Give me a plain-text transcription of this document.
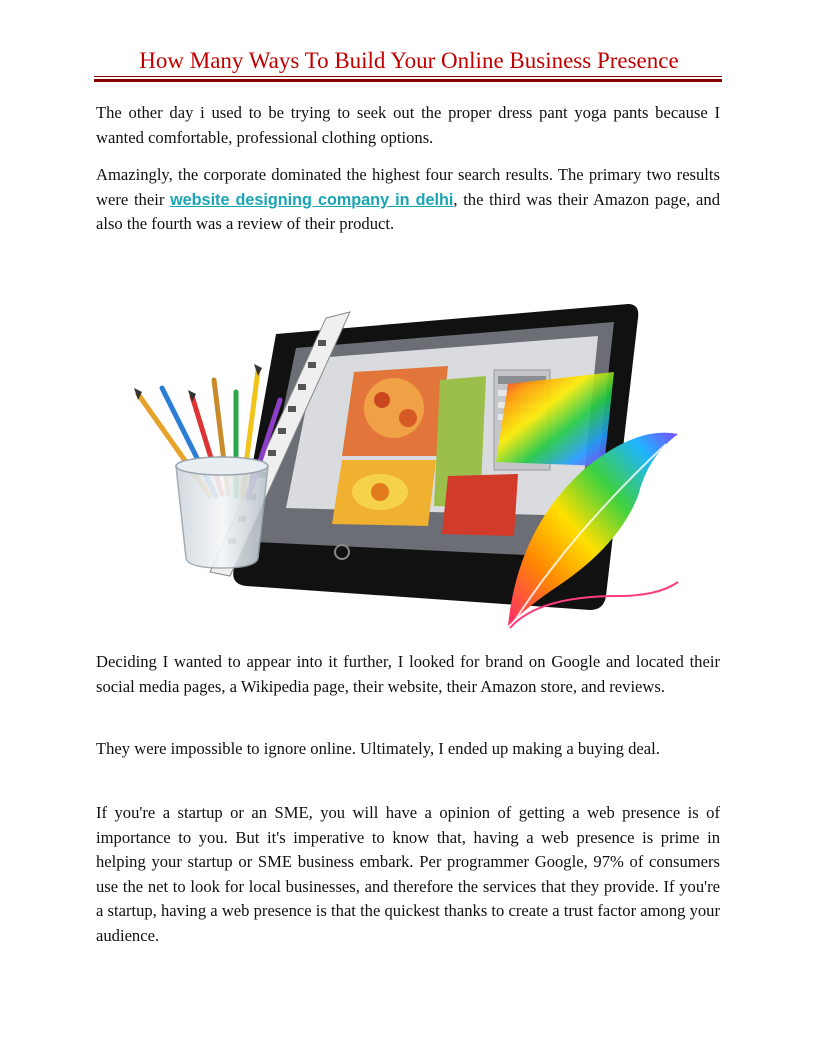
How Many Ways To Build Your Online Business Presence

The other day i used to be trying to seek out the proper dress pant yoga pants because I wanted comfortable, professional clothing options.

Amazingly, the corporate dominated the highest four search results. The primary two results were their website designing company in delhi, the third was their Amazon page, and also the fourth was a review of their product.

Deciding I wanted to appear into it further, I looked for brand on Google and located their social media pages, a Wikipedia page, their website, their Amazon store, and reviews.

They were impossible to ignore online. Ultimately, I ended up making a buying deal.

If you're a startup or an SME, you will have a opinion of getting a web presence is of importance to you. But it's imperative to know that, having a web presence is prime in helping your startup or SME business embark. Per programmer Google, 97% of consumers use the net to look for local businesses, and therefore the services that they provide. If you're a startup, having a web presence is that the quickest thanks to create a trust factor among your audience.
